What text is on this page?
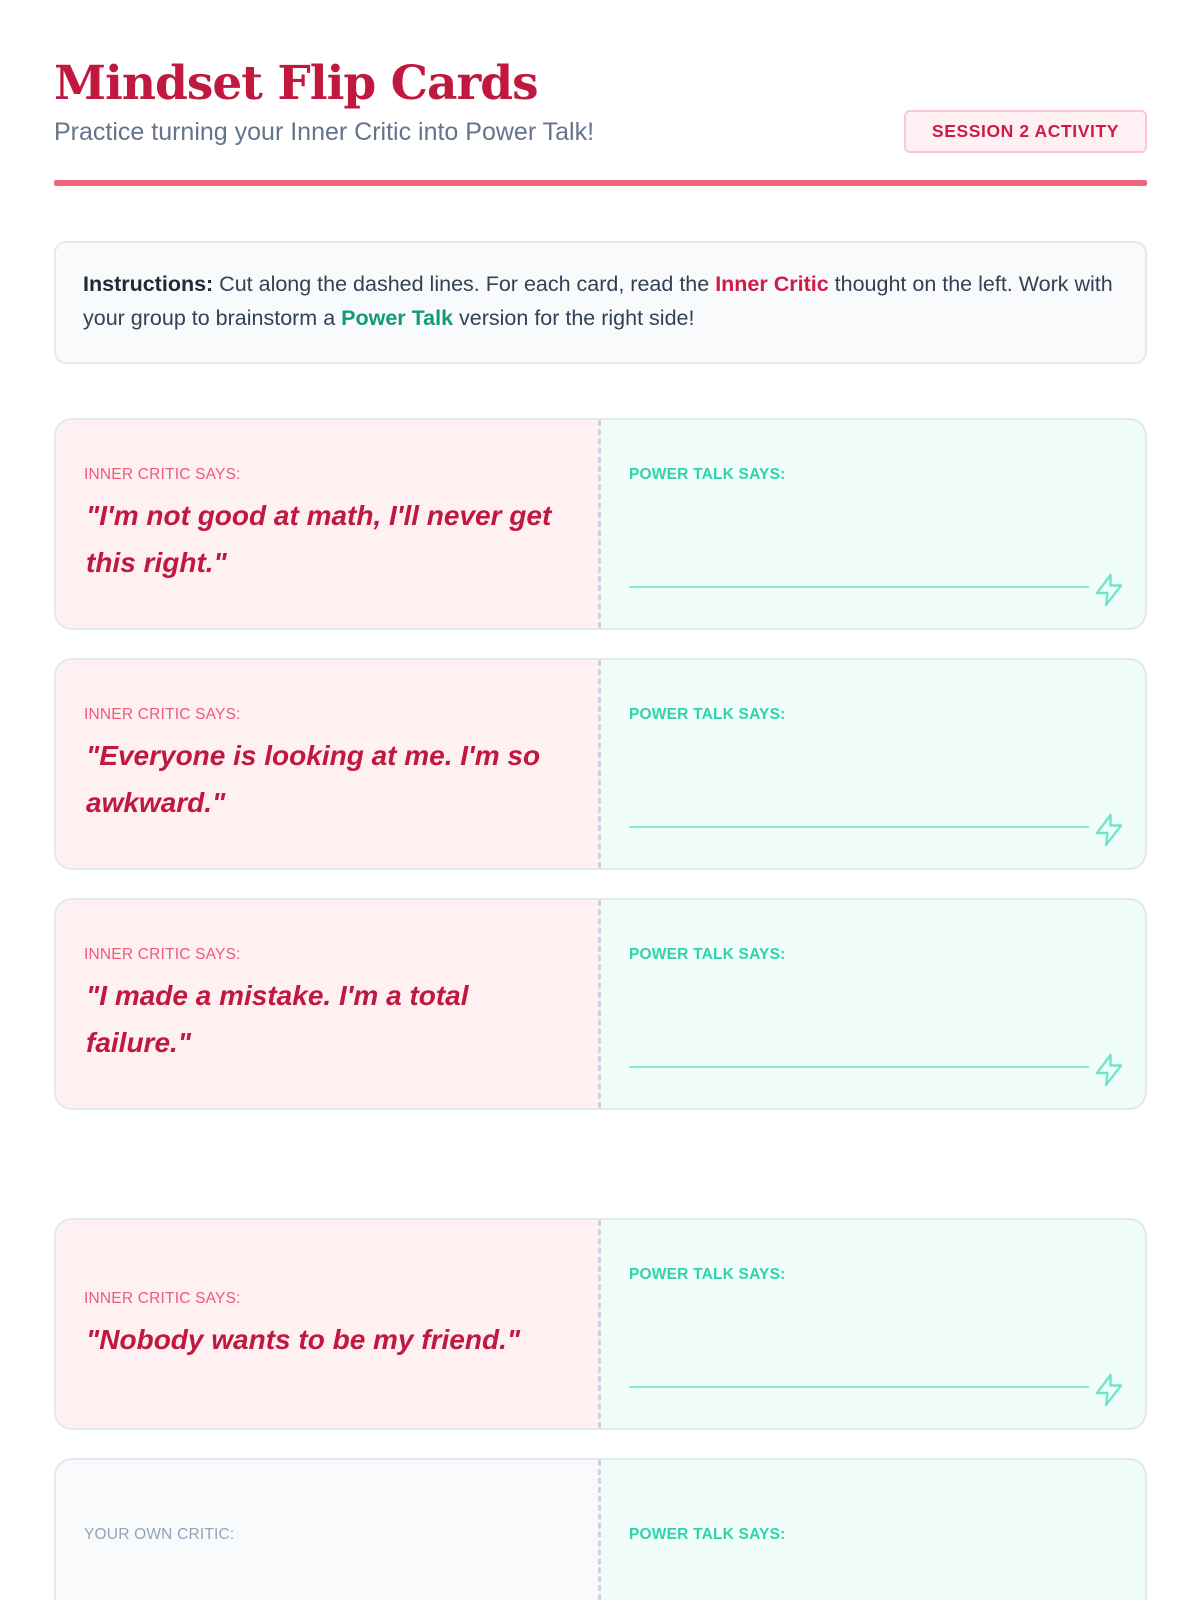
Mindset Flip Cards

Practice turning your Inner Critic into Power Talk!	SESSION 2 ACTIVITY
Instructions: Cut along the dashed lines. For each card, read the Inner Critic thought on the left. Work with your group to brainstorm a Power Talk version for the right side!
INNER CRITIC SAYS:
"I'm not good at math, I'll never get this right."
POWER TALK SAYS:
INNER CRITIC SAYS:
"Everyone is looking at me. I'm so awkward."
POWER TALK SAYS:
INNER CRITIC SAYS:
"I made a mistake. I'm a total failure."
POWER TALK SAYS:
INNER CRITIC SAYS:
"Nobody wants to be my friend."
POWER TALK SAYS:
YOUR OWN CRITIC:	POWER TALK SAYS:
